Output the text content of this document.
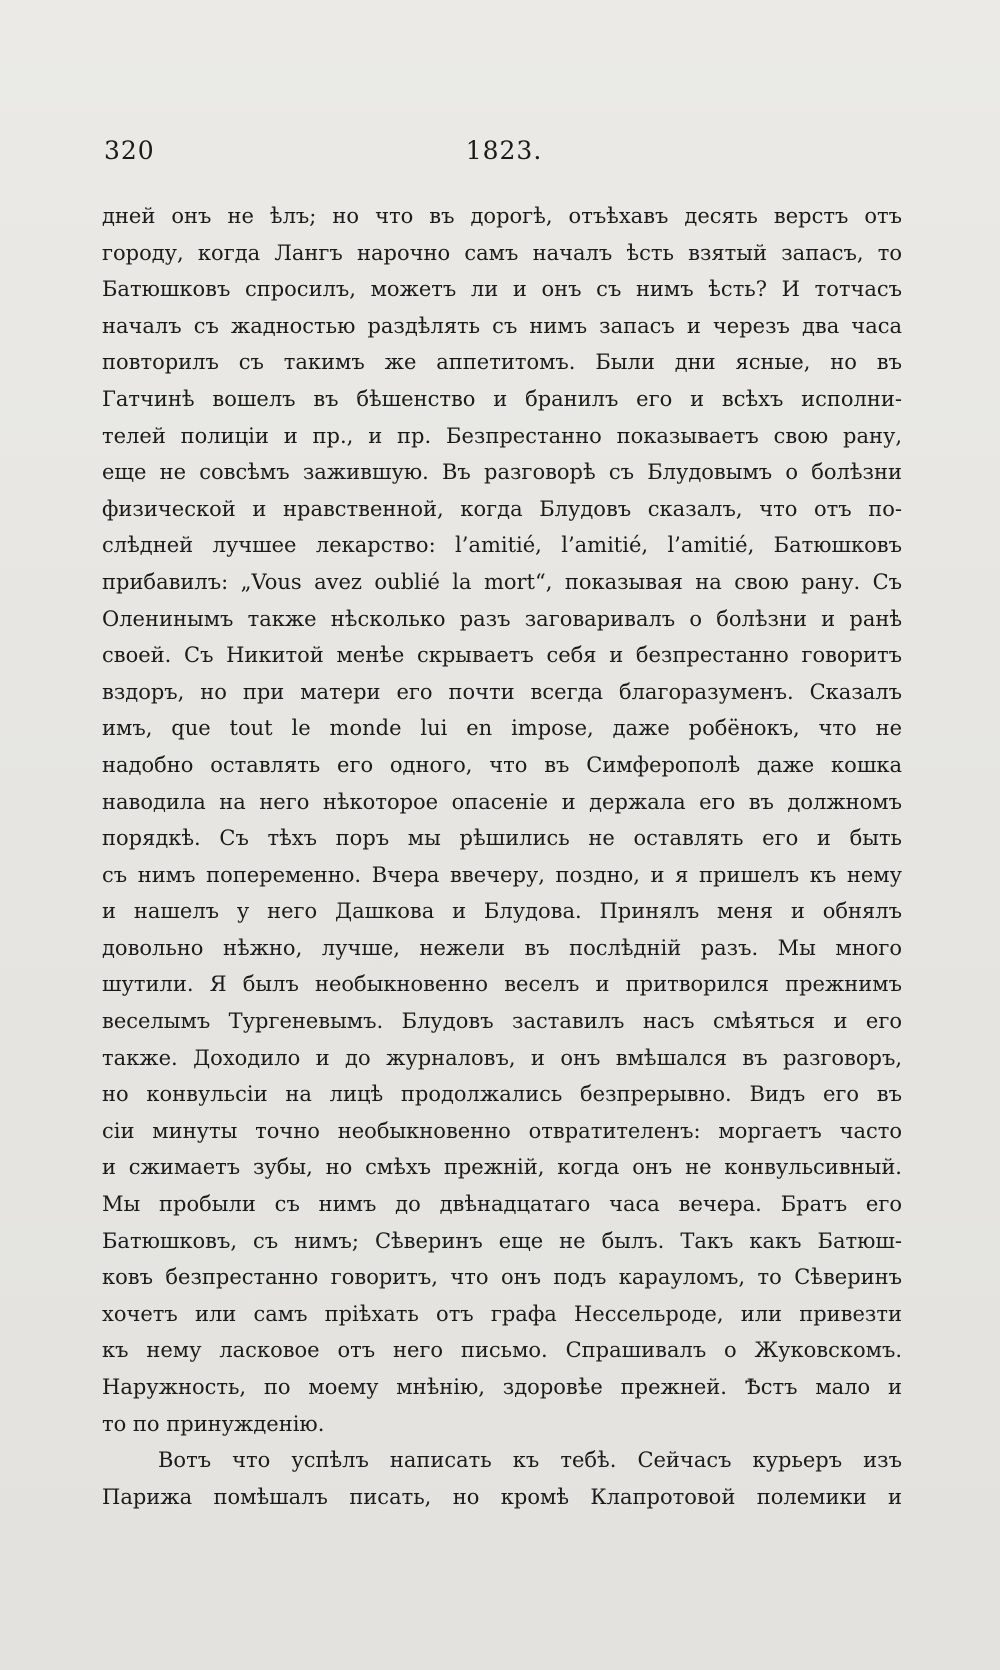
320	1823.
дней онъ не ѣлъ; но что въ дорогѣ, отъѣхавъ десять верстъ отъ
городу, когда Лангъ нарочно самъ началъ ѣсть взятый запасъ, то
Батюшковъ спросилъ, можетъ ли и онъ съ нимъ ѣсть? И тотчасъ
началъ съ жадностью раздѣлять съ нимъ запасъ и черезъ два часа
повторилъ съ такимъ же аппетитомъ. Были дни ясные, но въ
Гатчинѣ вошелъ въ бѣшенство и бранилъ его и всѣхъ исполни-
телей полиціи и пр., и пр. Безпрестанно показываетъ свою рану,
еще не совсѣмъ зажившую. Въ разговорѣ съ Блудовымъ о болѣзни
физической и нравственной, когда Блудовъ сказалъ, что отъ по-
слѣдней лучшее лекарство: l’amitié, l’amitié, l’amitié, Батюшковъ
прибавилъ: „Vous avez oublié la mort“, показывая на свою рану. Съ
Оленинымъ также нѣсколько разъ заговаривалъ о болѣзни и ранѣ
своей. Съ Никитой менѣе скрываетъ себя и безпрестанно говоритъ
вздоръ, но при матери его почти всегда благоразуменъ. Сказалъ
имъ, que tout le monde lui en impose, даже робёнокъ, что не
надобно оставлять его одного, что въ Симферополѣ даже кошка
наводила на него нѣкоторое опасеніе и держала его въ должномъ
порядкѣ. Съ тѣхъ поръ мы рѣшились не оставлять его и быть
съ нимъ попеременно. Вчера ввечеру, поздно, и я пришелъ къ нему
и нашелъ у него Дашкова и Блудова. Принялъ меня и обнялъ
довольно нѣжно, лучше, нежели въ послѣдній разъ. Мы много
шутили. Я былъ необыкновенно веселъ и притворился прежнимъ
веселымъ Тургеневымъ. Блудовъ заставилъ насъ смѣяться и его
также. Доходило и до журналовъ, и онъ вмѣшался въ разговоръ,
но конвульсіи на лицѣ продолжались безпрерывно. Видъ его въ
сіи минуты точно необыкновенно отвратителенъ: моргаетъ часто
и сжимаетъ зубы, но смѣхъ прежній, когда онъ не конвульсивный.
Мы пробыли съ нимъ до двѣнадцатаго часа вечера. Братъ его
Батюшковъ, съ нимъ; Сѣверинъ еще не былъ. Такъ какъ Батюш-
ковъ безпрестанно говоритъ, что онъ подъ карауломъ, то Сѣверинъ
хочетъ или самъ пріѣхать отъ графа Нессельроде, или привезти
къ нему ласковое отъ него письмо. Спрашивалъ о Жуковскомъ.
Наружность, по моему мнѣнію, здоровѣе прежней. Ѣстъ мало и
то по принужденію.
Вотъ что успѣлъ написать къ тебѣ. Сейчасъ курьеръ изъ
Парижа помѣшалъ писать, но кромѣ Клапротовой полемики и
